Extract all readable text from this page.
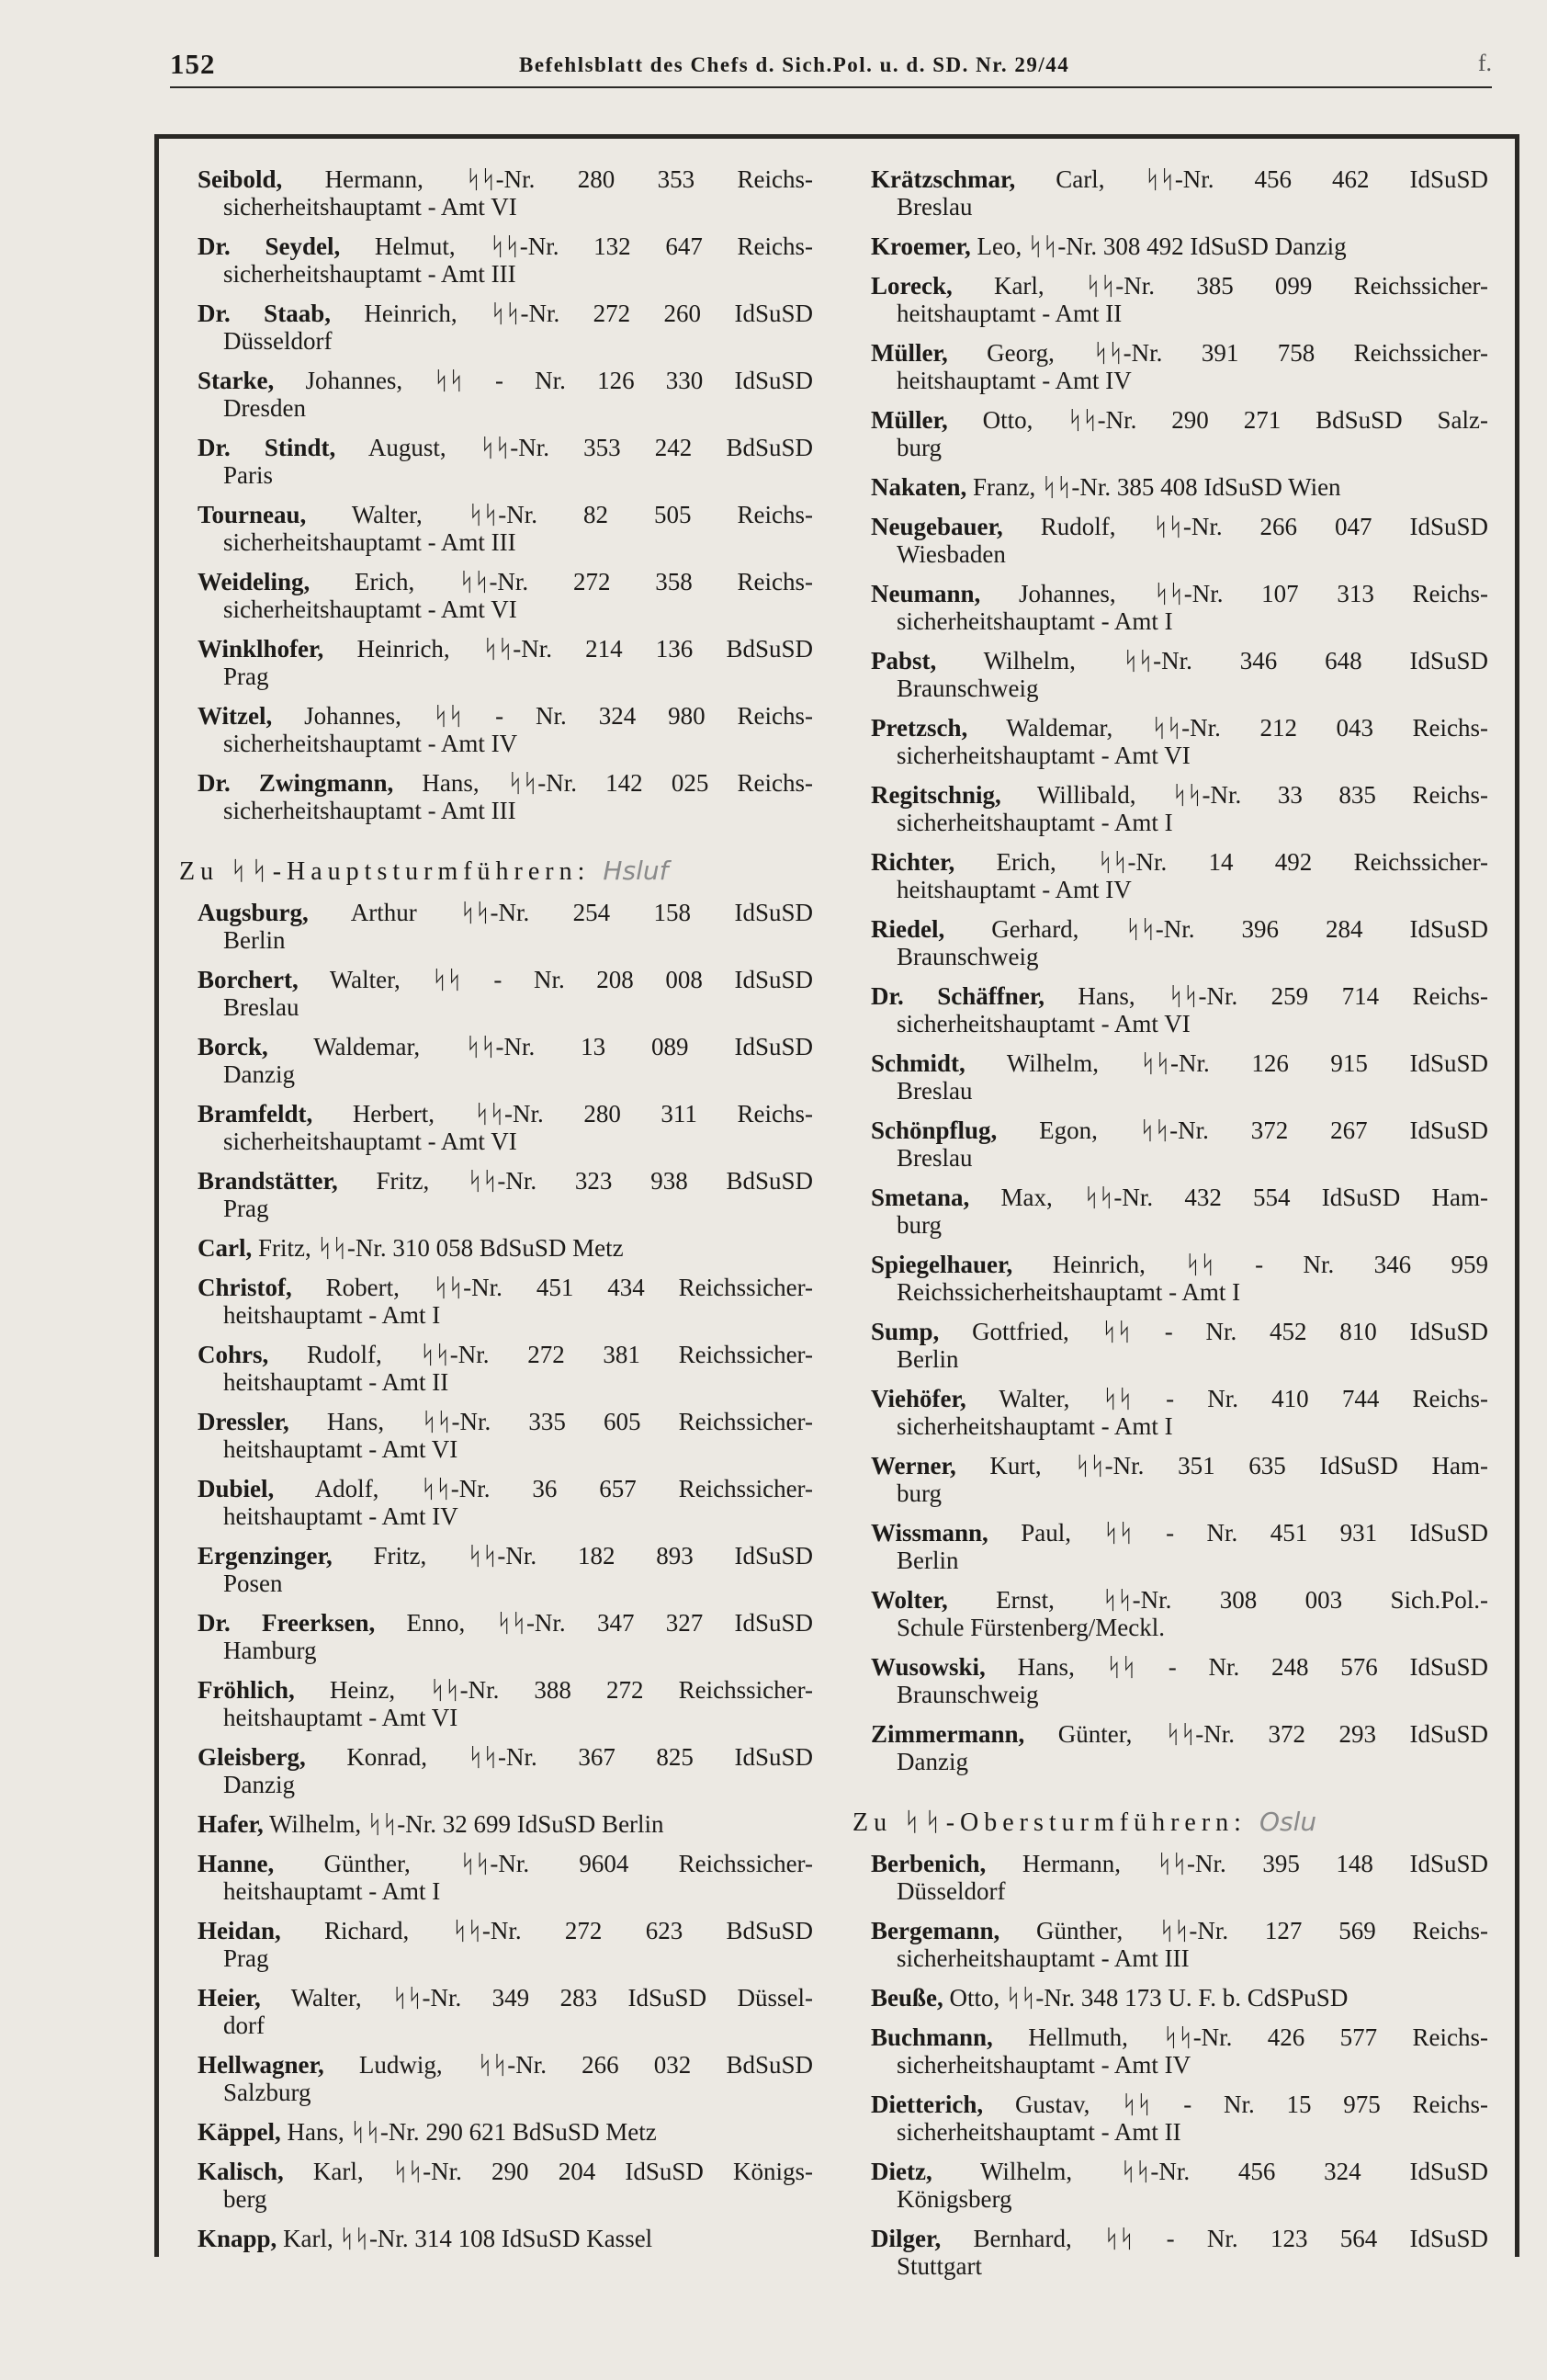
152	Befehlsblatt des Chefs d. Sich.Pol. u. d. SD. Nr. 29/44	f.
Seibold, Hermann, ᛋᛋ-Nr. 280 353 Reichs-
sicherheitshauptamt - Amt VI
Dr. Seydel, Helmut, ᛋᛋ-Nr. 132 647 Reichs-
sicherheitshauptamt - Amt III
Dr. Staab, Heinrich, ᛋᛋ-Nr. 272 260 IdSuSD
Düsseldorf
Starke, Johannes, ᛋᛋ - Nr. 126 330 IdSuSD
Dresden
Dr. Stindt, August, ᛋᛋ-Nr. 353 242 BdSuSD
Paris
Tourneau, Walter, ᛋᛋ-Nr. 82 505 Reichs-
sicherheitshauptamt - Amt III
Weideling, Erich, ᛋᛋ-Nr. 272 358 Reichs-
sicherheitshauptamt - Amt VI
Winklhofer, Heinrich, ᛋᛋ-Nr. 214 136 BdSuSD
Prag
Witzel, Johannes, ᛋᛋ - Nr. 324 980 Reichs-
sicherheitshauptamt - Amt IV
Dr. Zwingmann, Hans, ᛋᛋ-Nr. 142 025 Reichs-
sicherheitshauptamt - Amt III
Zu ᛋᛋ-Hauptsturmführern: Hsluf
Augsburg, Arthur ᛋᛋ-Nr. 254 158 IdSuSD
Berlin
Borchert, Walter, ᛋᛋ - Nr. 208 008 IdSuSD
Breslau
Borck, Waldemar, ᛋᛋ-Nr. 13 089 IdSuSD
Danzig
Bramfeldt, Herbert, ᛋᛋ-Nr. 280 311 Reichs-
sicherheitshauptamt - Amt VI
Brandstätter, Fritz, ᛋᛋ-Nr. 323 938 BdSuSD
Prag
Carl, Fritz, ᛋᛋ-Nr. 310 058 BdSuSD Metz
Christof, Robert, ᛋᛋ-Nr. 451 434 Reichssicher-
heitshauptamt - Amt I
Cohrs, Rudolf, ᛋᛋ-Nr. 272 381 Reichssicher-
heitshauptamt - Amt II
Dressler, Hans, ᛋᛋ-Nr. 335 605 Reichssicher-
heitshauptamt - Amt VI
Dubiel, Adolf, ᛋᛋ-Nr. 36 657 Reichssicher-
heitshauptamt - Amt IV
Ergenzinger, Fritz, ᛋᛋ-Nr. 182 893 IdSuSD
Posen
Dr. Freerksen, Enno, ᛋᛋ-Nr. 347 327 IdSuSD
Hamburg
Fröhlich, Heinz, ᛋᛋ-Nr. 388 272 Reichssicher-
heitshauptamt - Amt VI
Gleisberg, Konrad, ᛋᛋ-Nr. 367 825 IdSuSD
Danzig
Hafer, Wilhelm, ᛋᛋ-Nr. 32 699 IdSuSD Berlin
Hanne, Günther, ᛋᛋ-Nr. 9604 Reichssicher-
heitshauptamt - Amt I
Heidan, Richard, ᛋᛋ-Nr. 272 623 BdSuSD
Prag
Heier, Walter, ᛋᛋ-Nr. 349 283 IdSuSD Düssel-
dorf
Hellwagner, Ludwig, ᛋᛋ-Nr. 266 032 BdSuSD
Salzburg
Käppel, Hans, ᛋᛋ-Nr. 290 621 BdSuSD Metz
Kalisch, Karl, ᛋᛋ-Nr. 290 204 IdSuSD Königs-
berg
Knapp, Karl, ᛋᛋ-Nr. 314 108 IdSuSD Kassel
Krätzschmar, Carl, ᛋᛋ-Nr. 456 462 IdSuSD
Breslau
Kroemer, Leo, ᛋᛋ-Nr. 308 492 IdSuSD Danzig
Loreck, Karl, ᛋᛋ-Nr. 385 099 Reichssicher-
heitshauptamt - Amt II
Müller, Georg, ᛋᛋ-Nr. 391 758 Reichssicher-
heitshauptamt - Amt IV
Müller, Otto, ᛋᛋ-Nr. 290 271 BdSuSD Salz-
burg
Nakaten, Franz, ᛋᛋ-Nr. 385 408 IdSuSD Wien
Neugebauer, Rudolf, ᛋᛋ-Nr. 266 047 IdSuSD
Wiesbaden
Neumann, Johannes, ᛋᛋ-Nr. 107 313 Reichs-
sicherheitshauptamt - Amt I
Pabst, Wilhelm, ᛋᛋ-Nr. 346 648 IdSuSD
Braunschweig
Pretzsch, Waldemar, ᛋᛋ-Nr. 212 043 Reichs-
sicherheitshauptamt - Amt VI
Regitschnig, Willibald, ᛋᛋ-Nr. 33 835 Reichs-
sicherheitshauptamt - Amt I
Richter, Erich, ᛋᛋ-Nr. 14 492 Reichssicher-
heitshauptamt - Amt IV
Riedel, Gerhard, ᛋᛋ-Nr. 396 284 IdSuSD
Braunschweig
Dr. Schäffner, Hans, ᛋᛋ-Nr. 259 714 Reichs-
sicherheitshauptamt - Amt VI
Schmidt, Wilhelm, ᛋᛋ-Nr. 126 915 IdSuSD
Breslau
Schönpflug, Egon, ᛋᛋ-Nr. 372 267 IdSuSD
Breslau
Smetana, Max, ᛋᛋ-Nr. 432 554 IdSuSD Ham-
burg
Spiegelhauer, Heinrich, ᛋᛋ - Nr. 346 959
Reichssicherheitshauptamt - Amt I
Sump, Gottfried, ᛋᛋ - Nr. 452 810 IdSuSD
Berlin
Viehöfer, Walter, ᛋᛋ - Nr. 410 744 Reichs-
sicherheitshauptamt - Amt I
Werner, Kurt, ᛋᛋ-Nr. 351 635 IdSuSD Ham-
burg
Wissmann, Paul, ᛋᛋ - Nr. 451 931 IdSuSD
Berlin
Wolter, Ernst, ᛋᛋ-Nr. 308 003 Sich.Pol.-
Schule Fürstenberg/Meckl.
Wusowski, Hans, ᛋᛋ - Nr. 248 576 IdSuSD
Braunschweig
Zimmermann, Günter, ᛋᛋ-Nr. 372 293 IdSuSD
Danzig
Zu ᛋᛋ-Obersturmführern: Oslu
Berbenich, Hermann, ᛋᛋ-Nr. 395 148 IdSuSD
Düsseldorf
Bergemann, Günther, ᛋᛋ-Nr. 127 569 Reichs-
sicherheitshauptamt - Amt III
Beuße, Otto, ᛋᛋ-Nr. 348 173 U. F. b. CdSPuSD
Buchmann, Hellmuth, ᛋᛋ-Nr. 426 577 Reichs-
sicherheitshauptamt - Amt IV
Dietterich, Gustav, ᛋᛋ - Nr. 15 975 Reichs-
sicherheitshauptamt - Amt II
Dietz, Wilhelm, ᛋᛋ-Nr. 456 324 IdSuSD
Königsberg
Dilger, Bernhard, ᛋᛋ - Nr. 123 564 IdSuSD
Stuttgart
